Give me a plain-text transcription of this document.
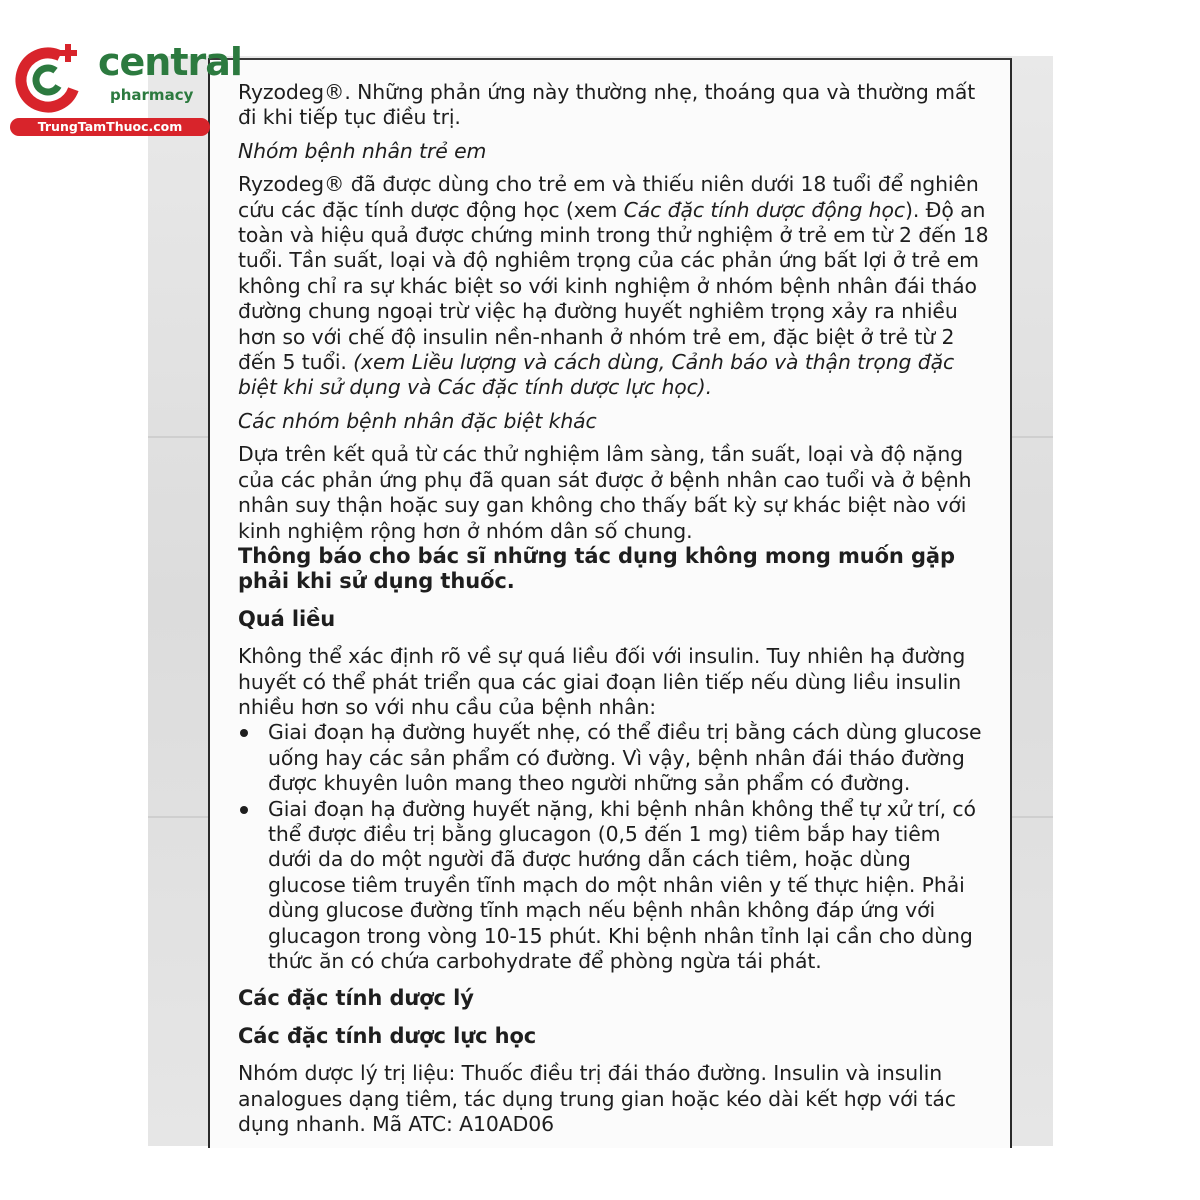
central
pharmacy
TrungTamThuoc.com

Ryzodeg®. Những phản ứng này thường nhẹ, thoáng qua và thường mất đi khi tiếp tục điều trị.

Nhóm bệnh nhân trẻ em

Ryzodeg® đã được dùng cho trẻ em và thiếu niên dưới 18 tuổi để nghiên cứu các đặc tính dược động học (xem Các đặc tính dược động học). Độ an toàn và hiệu quả được chứng minh trong thử nghiệm ở trẻ em từ 2 đến 18 tuổi. Tần suất, loại và độ nghiêm trọng của các phản ứng bất lợi ở trẻ em không chỉ ra sự khác biệt so với kinh nghiệm ở nhóm bệnh nhân đái tháo đường chung ngoại trừ việc hạ đường huyết nghiêm trọng xảy ra nhiều hơn so với chế độ insulin nền-nhanh ở nhóm trẻ em, đặc biệt ở trẻ từ 2 đến 5 tuổi. (xem Liều lượng và cách dùng, Cảnh báo và thận trọng đặc biệt khi sử dụng và Các đặc tính dược lực học).

Các nhóm bệnh nhân đặc biệt khác

Dựa trên kết quả từ các thử nghiệm lâm sàng, tần suất, loại và độ nặng của các phản ứng phụ đã quan sát được ở bệnh nhân cao tuổi và ở bệnh nhân suy thận hoặc suy gan không cho thấy bất kỳ sự khác biệt nào với kinh nghiệm rộng hơn ở nhóm dân số chung.

Thông báo cho bác sĩ những tác dụng không mong muốn gặp phải khi sử dụng thuốc.

Quá liều

Không thể xác định rõ về sự quá liều đối với insulin. Tuy nhiên hạ đường huyết có thể phát triển qua các giai đoạn liên tiếp nếu dùng liều insulin nhiều hơn so với nhu cầu của bệnh nhân:

Giai đoạn hạ đường huyết nhẹ, có thể điều trị bằng cách dùng glucose uống hay các sản phẩm có đường. Vì vậy, bệnh nhân đái tháo đường được khuyên luôn mang theo người những sản phẩm có đường.
Giai đoạn hạ đường huyết nặng, khi bệnh nhân không thể tự xử trí, có thể được điều trị bằng glucagon (0,5 đến 1 mg) tiêm bắp hay tiêm dưới da do một người đã được hướng dẫn cách tiêm, hoặc dùng glucose tiêm truyền tĩnh mạch do một nhân viên y tế thực hiện. Phải dùng glucose đường tĩnh mạch nếu bệnh nhân không đáp ứng với glucagon trong vòng 10-15 phút. Khi bệnh nhân tỉnh lại cần cho dùng thức ăn có chứa carbohydrate để phòng ngừa tái phát.

Các đặc tính dược lý

Các đặc tính dược lực học

Nhóm dược lý trị liệu: Thuốc điều trị đái tháo đường. Insulin và insulin analogues dạng tiêm, tác dụng trung gian hoặc kéo dài kết hợp với tác dụng nhanh. Mã ATC: A10AD06
